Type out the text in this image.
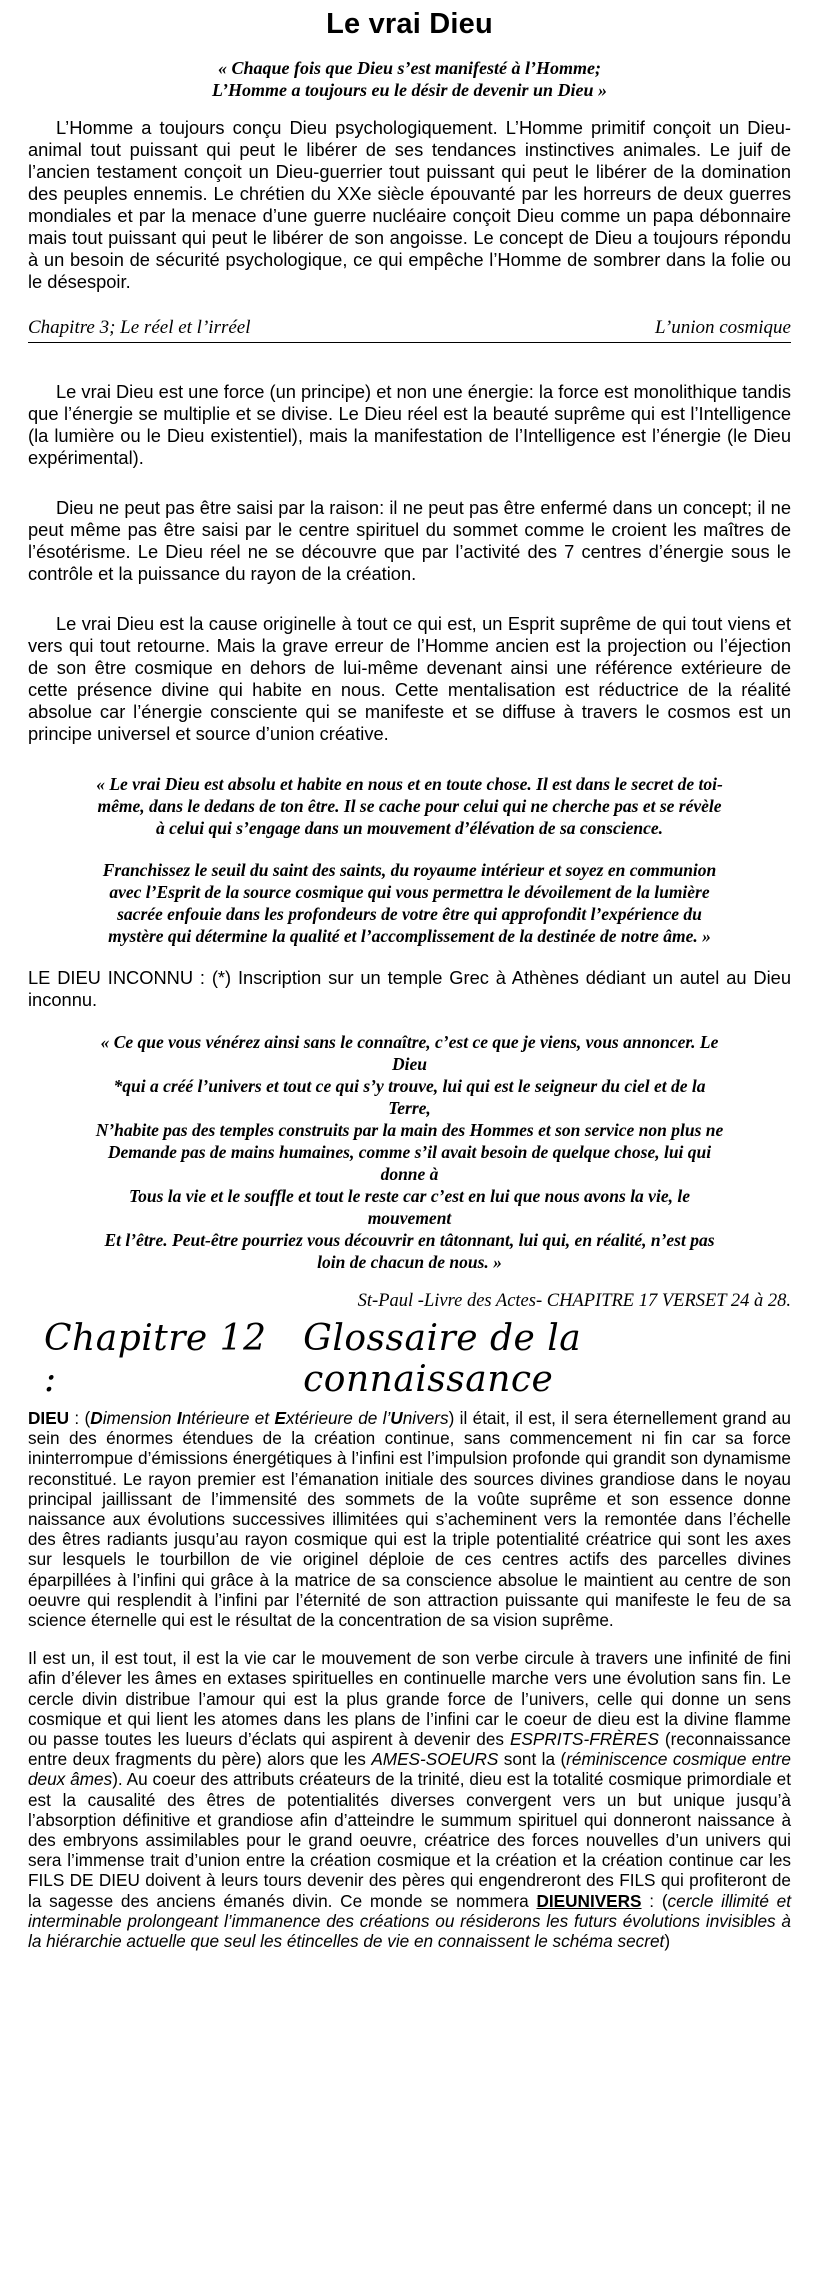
Le vrai Dieu
« Chaque fois que Dieu s’est manifesté à l’Homme;
L’Homme a toujours eu le désir de devenir un Dieu »

L’Homme a toujours conçu Dieu psychologiquement. L’Homme primitif conçoit un Dieu-animal tout puissant qui peut le libérer de ses tendances instinctives animales. Le juif de l’ancien testament conçoit un Dieu-guerrier tout puissant qui peut le libérer de la domination des peuples ennemis. Le chrétien du XXe siècle épouvanté par les horreurs de deux guerres mondiales et par la menace d’une guerre nucléaire conçoit Dieu comme un papa débonnaire mais tout puissant qui peut le libérer de son angoisse. Le concept de Dieu a toujours répondu à un besoin de sécurité psychologique, ce qui empêche l’Homme de sombrer dans la folie ou le désespoir.

Chapitre 3; Le réel et l’irréel	L’union cosmique

Le vrai Dieu est une force (un principe) et non une énergie: la force est monolithique tandis que l’énergie se multiplie et se divise. Le Dieu réel est la beauté suprême qui est l’Intelligence (la lumière ou le Dieu existentiel), mais la manifestation de l’Intelligence est l’énergie (le Dieu expérimental).

Dieu ne peut pas être saisi par la raison: il ne peut pas être enfermé dans un concept; il ne peut même pas être saisi par le centre spirituel du sommet comme le croient les maîtres de l’ésotérisme. Le Dieu réel ne se découvre que par l’activité des 7 centres d’énergie sous le contrôle et la puissance du rayon de la création.

Le vrai Dieu est la cause originelle à tout ce qui est, un Esprit suprême de qui tout viens et vers qui tout retourne. Mais la grave erreur de l’Homme ancien est la projection ou l’éjection de son être cosmique en dehors de lui-même devenant ainsi une référence extérieure de cette présence divine qui habite en nous. Cette mentalisation est réductrice de la réalité absolue car l’énergie consciente qui se manifeste et se diffuse à travers le cosmos est un principe universel et source d’union créative.

« Le vrai Dieu est absolu et habite en nous et en toute chose. Il est dans le secret de toi-
même, dans le dedans de ton être. Il se cache pour celui qui ne cherche pas et se révèle
à celui qui s’engage dans un mouvement d’élévation de sa conscience.
Franchissez le seuil du saint des saints, du royaume intérieur et soyez en communion
avec l’Esprit de la source cosmique qui vous permettra le dévoilement de la lumière
sacrée enfouie dans les profondeurs de votre être qui approfondit l’expérience du
mystère qui détermine la qualité et l’accomplissement de la destinée de notre âme. »

LE DIEU INCONNU : (*) Inscription sur un temple Grec à Athènes dédiant un autel au Dieu inconnu.

« Ce que vous vénérez ainsi sans le connaître, c’est ce que je viens, vous annoncer. Le
Dieu
*qui a créé l’univers et tout ce qui s’y trouve, lui qui est le seigneur du ciel et de la
Terre,
N’habite pas des temples construits par la main des Hommes et son service non plus ne
Demande pas de mains humaines, comme s’il avait besoin de quelque chose, lui qui
donne à
Tous la vie et le souffle et tout le reste car c’est en lui que nous avons la vie, le
mouvement
Et l’être. Peut-être pourriez vous découvrir en tâtonnant, lui qui, en réalité, n’est pas
loin de chacun de nous. »
St-Paul -Livre des Actes- CHAPITRE 17 VERSET 24 à 28.
Chapitre 12 :
Glossaire de la connaissance

DIEU : (Dimension Intérieure et Extérieure de l’Univers) il était, il est, il sera éternellement grand au sein des énormes étendues de la création continue, sans commencement ni fin car sa force ininterrompue d’émissions énergétiques à l’infini est l’impulsion profonde qui grandit son dynamisme reconstitué. Le rayon premier est l’émanation initiale des sources divines grandiose dans le noyau principal jaillissant de l’immensité des sommets de la voûte suprême et son essence donne naissance aux évolutions successives illimitées qui s’acheminent vers la remontée dans l’échelle des êtres radiants jusqu’au rayon cosmique qui est la triple potentialité créatrice qui sont les axes sur lesquels le tourbillon de vie originel déploie de ces centres actifs des parcelles divines éparpillées à l’infini qui grâce à la matrice de sa conscience absolue le maintient au centre de son oeuvre qui resplendit à l’infini par l’éternité de son attraction puissante qui manifeste le feu de sa science éternelle qui est le résultat de la concentration de sa vision suprême.

Il est un, il est tout, il est la vie car le mouvement de son verbe circule à travers une infinité de fini afin d’élever les âmes en extases spirituelles en continuelle marche vers une évolution sans fin. Le cercle divin distribue l’amour qui est la plus grande force de l’univers, celle qui donne un sens cosmique et qui lient les atomes dans les plans de l’infini car le coeur de dieu est la divine flamme ou passe toutes les lueurs d’éclats qui aspirent à devenir des ESPRITS-FRÈRES (reconnaissance entre deux fragments du père) alors que les AMES-SOEURS sont la (réminiscence cosmique entre deux âmes). Au coeur des attributs créateurs de la trinité, dieu est la totalité cosmique primordiale et est la causalité des êtres de potentialités diverses convergent vers un but unique jusqu’à l’absorption définitive et grandiose afin d’atteindre le summum spirituel qui donneront naissance à des embryons assimilables pour le grand oeuvre, créatrice des forces nouvelles d’un univers qui sera l’immense trait d’union entre la création cosmique et la création et la création continue car les FILS DE DIEU doivent à leurs tours devenir des pères qui engendreront des FILS qui profiteront de la sagesse des anciens émanés divin. Ce monde se nommera DIEUNIVERS : (cercle illimité et interminable prolongeant l’immanence des créations ou résiderons les futurs évolutions invisibles à la hiérarchie actuelle que seul les étincelles de vie en connaissent le schéma secret)
